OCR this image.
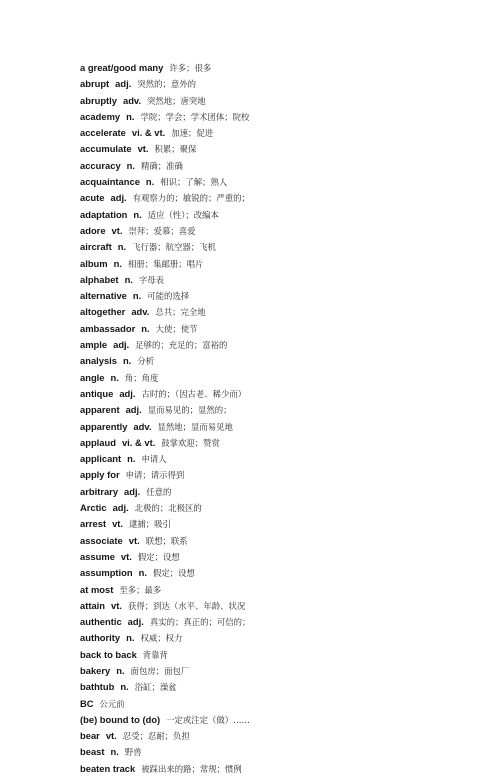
a great/good many 许多；很多
abrupt adj. 突然的；意外的
abruptly adv. 突然地；唐突地
academy n. 学院；学会；学术团体；院校
accelerate vi. & vt. 加速；促进
accumulate vt. 积累；聚保
accuracy n. 精确；准确
acquaintance n. 相识；了解；熟人
acute adj. 有观察力的；敏锐的；严重的；
adaptation n. 适应（性）；改编本
adore vt. 崇拜；爱慕；喜爱
aircraft n. 飞行器；航空器；飞机
album n. 相册；集邮册；唱片
alphabet n. 字母表
alternative n. 可能的选择
altogether adv. 总共；完全地
ambassador n. 大使；使节
ample adj. 足够的；充足的；富裕的
analysis n. 分析
angle n. 角；角度
antique adj. 古时的；（因古老、稀少而）
apparent adj. 显而易见的；显然的；
apparently adv. 显然地；显而易见地
applaud vi. & vt. 鼓掌欢迎；赞赏
applicant n. 申请人
apply for 申请；请示得到
arbitrary adj. 任意的
Arctic adj. 北极的；北极区的
arrest vt. 逮捕；吸引
associate vt. 联想；联系
assume vt. 假定；设想
assumption n. 假定；设想
at most 至多；最多
attain vt. 获得；到达（水平、年龄、状况
authentic adj. 真实的；真正的；可信的；
authority n. 权威；权力
back to back 背靠背
bakery n. 面包房；面包厂
bathtub n. 浴缸；澡盆
BC 公元前
(be) bound to (do) 一定或注定（做）……
bear vt. 忍受；忍耐；负担
beast n. 野兽
beaten track 被踩出来的路；常规；惯例
